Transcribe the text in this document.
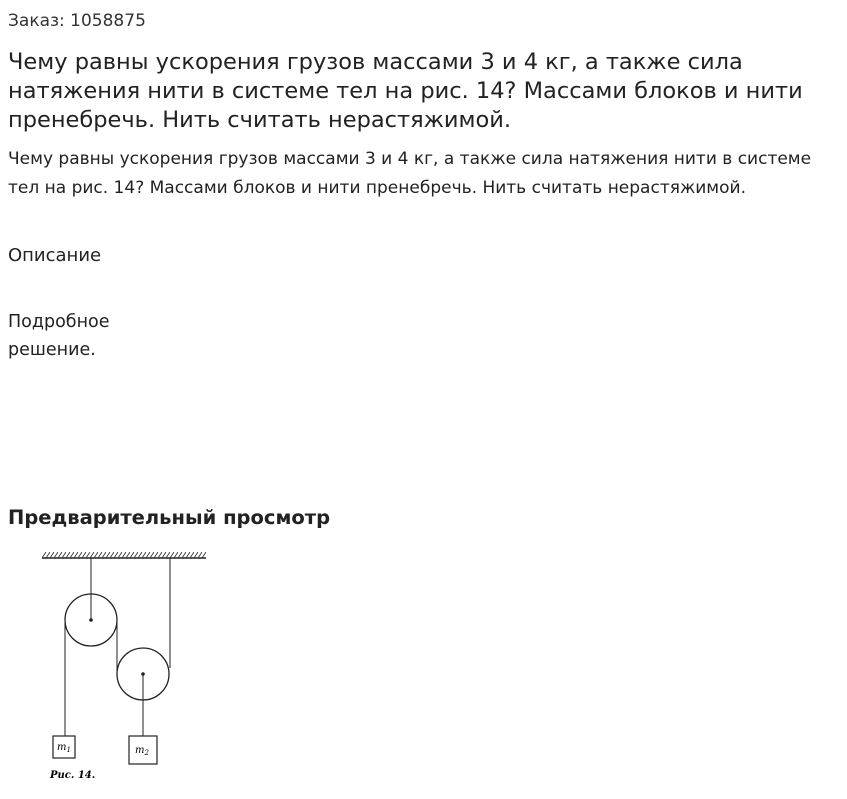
Заказ: 1058875
Чему равны ускорения грузов массами 3 и 4 кг, а также сила натяжения нити в системе тел на рис. 14? Массами блоков и нити пренебречь. Нить считать нерастяжимой.
Чему равны ускорения грузов массами 3 и 4 кг, а также сила натяжения нити в системе тел на рис. 14? Массами блоков и нити пренебречь. Нить считать нерастяжимой.
Описание
Подробное решение.
Предварительный просмотр
$m_1$	$m_2$
Рис. 14.
